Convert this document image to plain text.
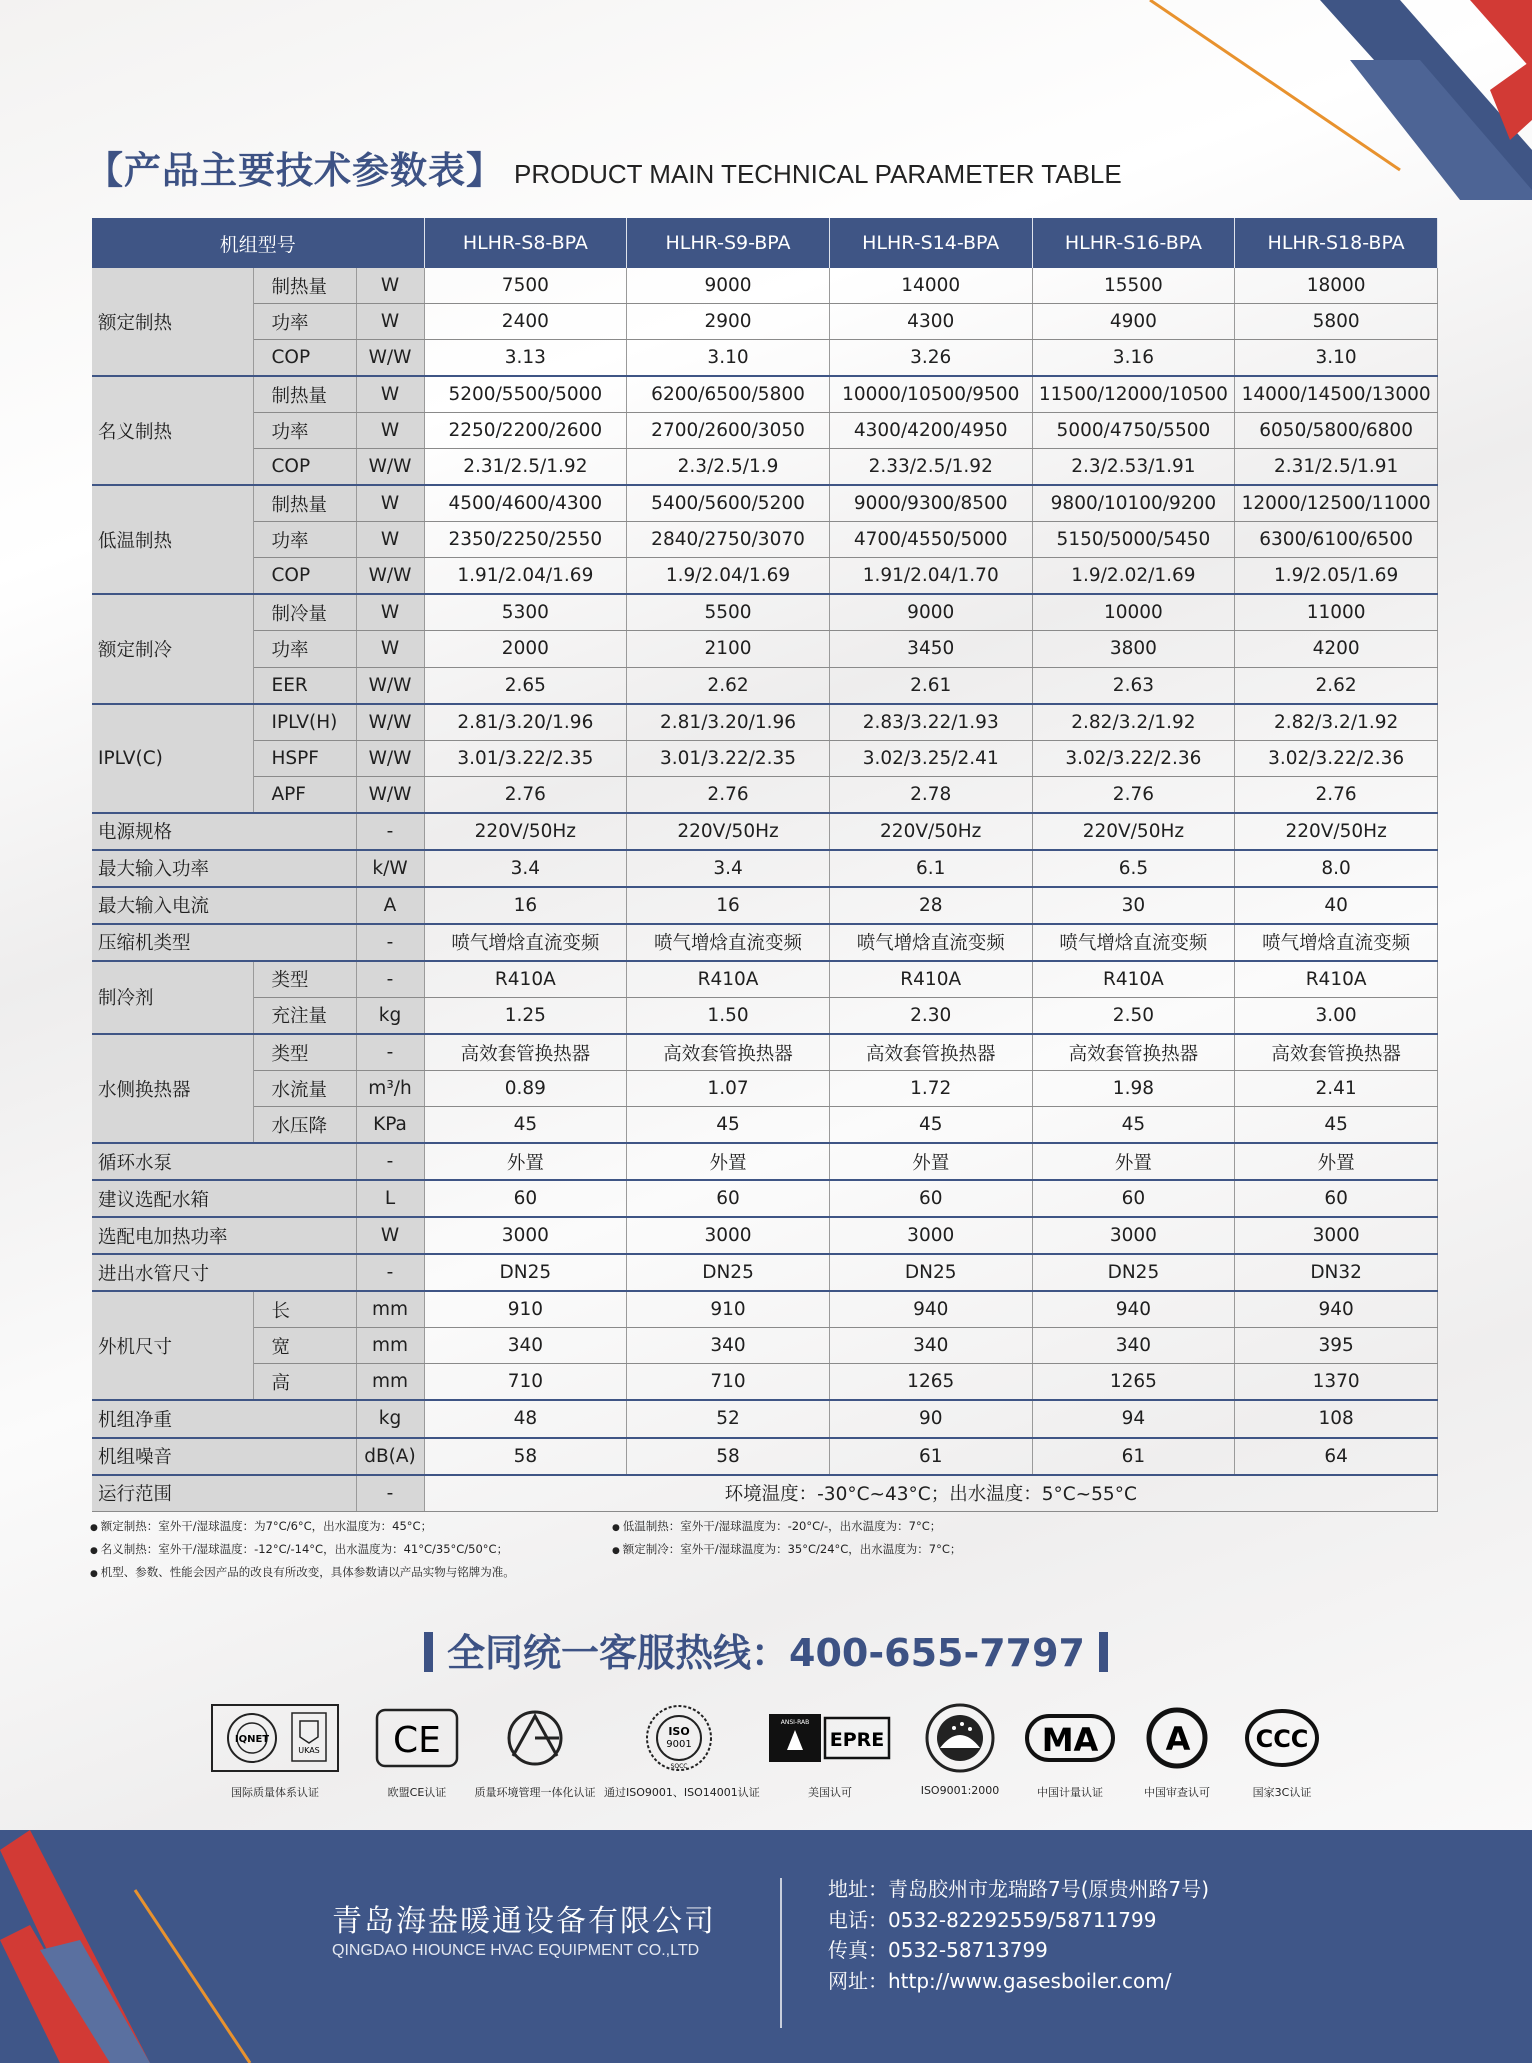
【产品主要技术参数表】 PRODUCT MAIN TECHNICAL PARAMETER TABLE
机组型号			HLHR-S8-BPA	HLHR-S9-BPA	HLHR-S14-BPA	HLHR-S16-BPA	HLHR-S18-BPA
额定制热	制热量	W	7500	9000	14000	15500	18000
	功率	W	2400	2900	4300	4900	5800
	COP	W/W	3.13	3.10	3.26	3.16	3.10
名义制热	制热量	W	5200/5500/5000	6200/6500/5800	10000/10500/9500	11500/12000/10500	14000/14500/13000
	功率	W	2250/2200/2600	2700/2600/3050	4300/4200/4950	5000/4750/5500	6050/5800/6800
	COP	W/W	2.31/2.5/1.92	2.3/2.5/1.9	2.33/2.5/1.92	2.3/2.53/1.91	2.31/2.5/1.91
低温制热	制热量	W	4500/4600/4300	5400/5600/5200	9000/9300/8500	9800/10100/9200	12000/12500/11000
	功率	W	2350/2250/2550	2840/2750/3070	4700/4550/5000	5150/5000/5450	6300/6100/6500
	COP	W/W	1.91/2.04/1.69	1.9/2.04/1.69	1.91/2.04/1.70	1.9/2.02/1.69	1.9/2.05/1.69
额定制冷	制冷量	W	5300	5500	9000	10000	11000
	功率	W	2000	2100	3450	3800	4200
	EER	W/W	2.65	2.62	2.61	2.63	2.62
IPLV(C)	IPLV(H)	W/W	2.81/3.20/1.96	2.81/3.20/1.96	2.83/3.22/1.93	2.82/3.2/1.92	2.82/3.2/1.92
	HSPF	W/W	3.01/3.22/2.35	3.01/3.22/2.35	3.02/3.25/2.41	3.02/3.22/2.36	3.02/3.22/2.36
	APF	W/W	2.76	2.76	2.78	2.76	2.76
电源规格		-	220V/50Hz	220V/50Hz	220V/50Hz	220V/50Hz	220V/50Hz
最大输入功率		k/W	3.4	3.4	6.1	6.5	8.0
最大输入电流		A	16	16	28	30	40
压缩机类型		-	喷气增焓直流变频	喷气增焓直流变频	喷气增焓直流变频	喷气增焓直流变频	喷气增焓直流变频
制冷剂	类型	-	R410A	R410A	R410A	R410A	R410A
	充注量	kg	1.25	1.50	2.30	2.50	3.00
水侧换热器	类型	-	高效套管换热器	高效套管换热器	高效套管换热器	高效套管换热器	高效套管换热器
	水流量	m³/h	0.89	1.07	1.72	1.98	2.41
	水压降	KPa	45	45	45	45	45
循环水泵		-	外置	外置	外置	外置	外置
建议选配水箱		L	60	60	60	60	60
选配电加热功率		W	3000	3000	3000	3000	3000
进出水管尺寸		-	DN25	DN25	DN25	DN25	DN32
外机尺寸	长	mm	910	910	940	940	940
	宽	mm	340	340	340	340	395
	高	mm	710	710	1265	1265	1370
机组净重		kg	48	52	90	94	108
机组噪音		dB(A)	58	58	61	61	64
运行范围		-	环境温度：-30°C~43°C；出水温度：5°C~55°C				
● 额定制热：室外干/湿球温度：为7°C/6°C，出水温度为：45°C；
● 名义制热：室外干/湿球温度：-12°C/-14°C，出水温度为：41°C/35°C/50°C；
● 机型、参数、性能会因产品的改良有所改变，具体参数请以产品实物与铭牌为准。
● 低温制热：室外干/湿球温度为：-20°C/-，出水温度为：7°C；
● 额定制冷：室外干/湿球温度为：35°C/24°C，出水温度为：7°C；
全同统一客服热线：400-655-7797
IQNET
UKAS
国际质量体系认证
CE
欧盟CE认证	质量环境管理一体化认证
ISO
9001
SQCC
通过ISO9001、ISO14001认证
ANSI-RAB
EPRE
美国认可	ISO9001:2000
MA
中国计量认证
A
中国审查认可
CCC
国家3C认证
青岛海盎暖通设备有限公司
QINGDAO HIOUNCE HVAC EQUIPMENT CO.,LTD
地址：青岛胶州市龙瑞路7号(原贵州路7号)
电话：0532-82292559/58711799
传真：0532-58713799
网址：http://www.gasesboiler.com/
